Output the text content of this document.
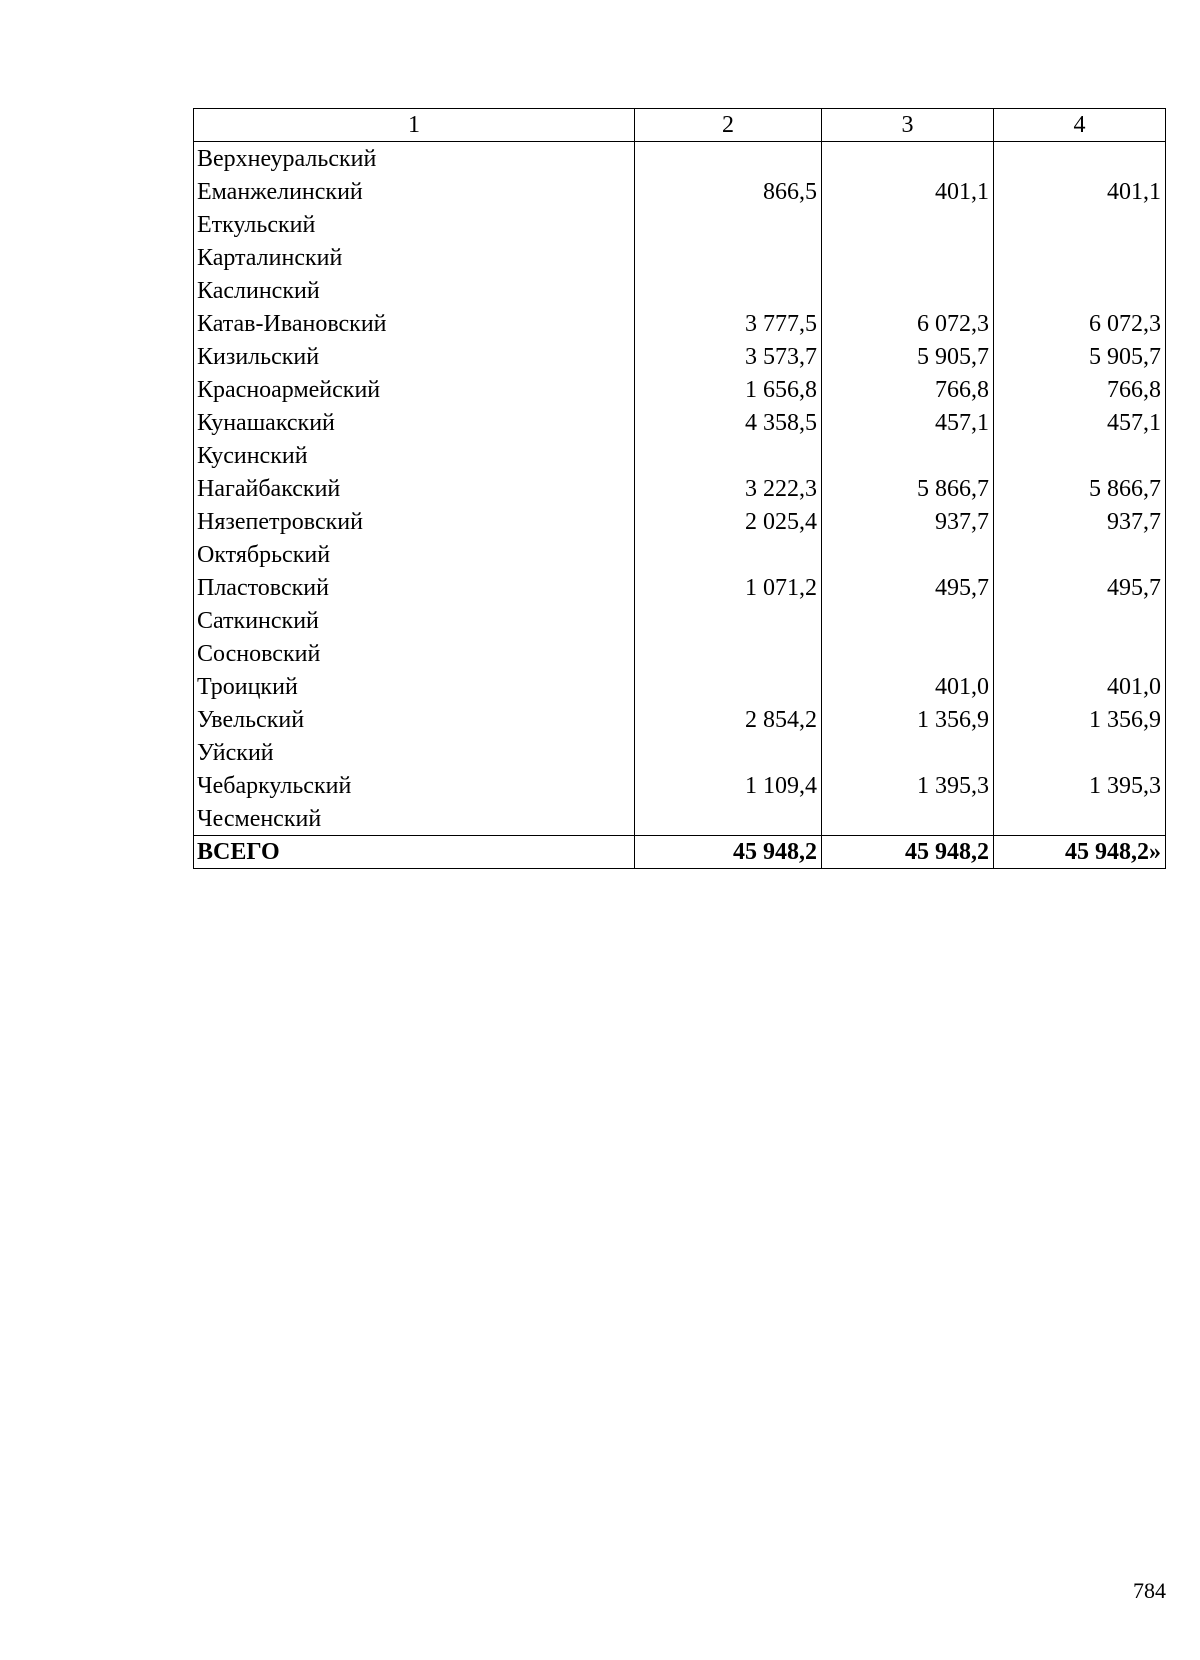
1	2	3	4
Верхнеуральский			
Еманжелинский	866,5	401,1	401,1
Еткульский			
Карталинский			
Каслинский			
Катав-Ивановский	3 777,5	6 072,3	6 072,3
Кизильский	3 573,7	5 905,7	5 905,7
Красноармейский	1 656,8	766,8	766,8
Кунашакский	4 358,5	457,1	457,1
Кусинский			
Нагайбакский	3 222,3	5 866,7	5 866,7
Нязепетровский	2 025,4	937,7	937,7
Октябрьский			
Пластовский	1 071,2	495,7	495,7
Саткинский			
Сосновский			
Троицкий		401,0	401,0
Увельский	2 854,2	1 356,9	1 356,9
Уйский			
Чебаркульский	1 109,4	1 395,3	1 395,3
Чесменский			
ВСЕГО	45 948,2	45 948,2	45 948,2»
784
